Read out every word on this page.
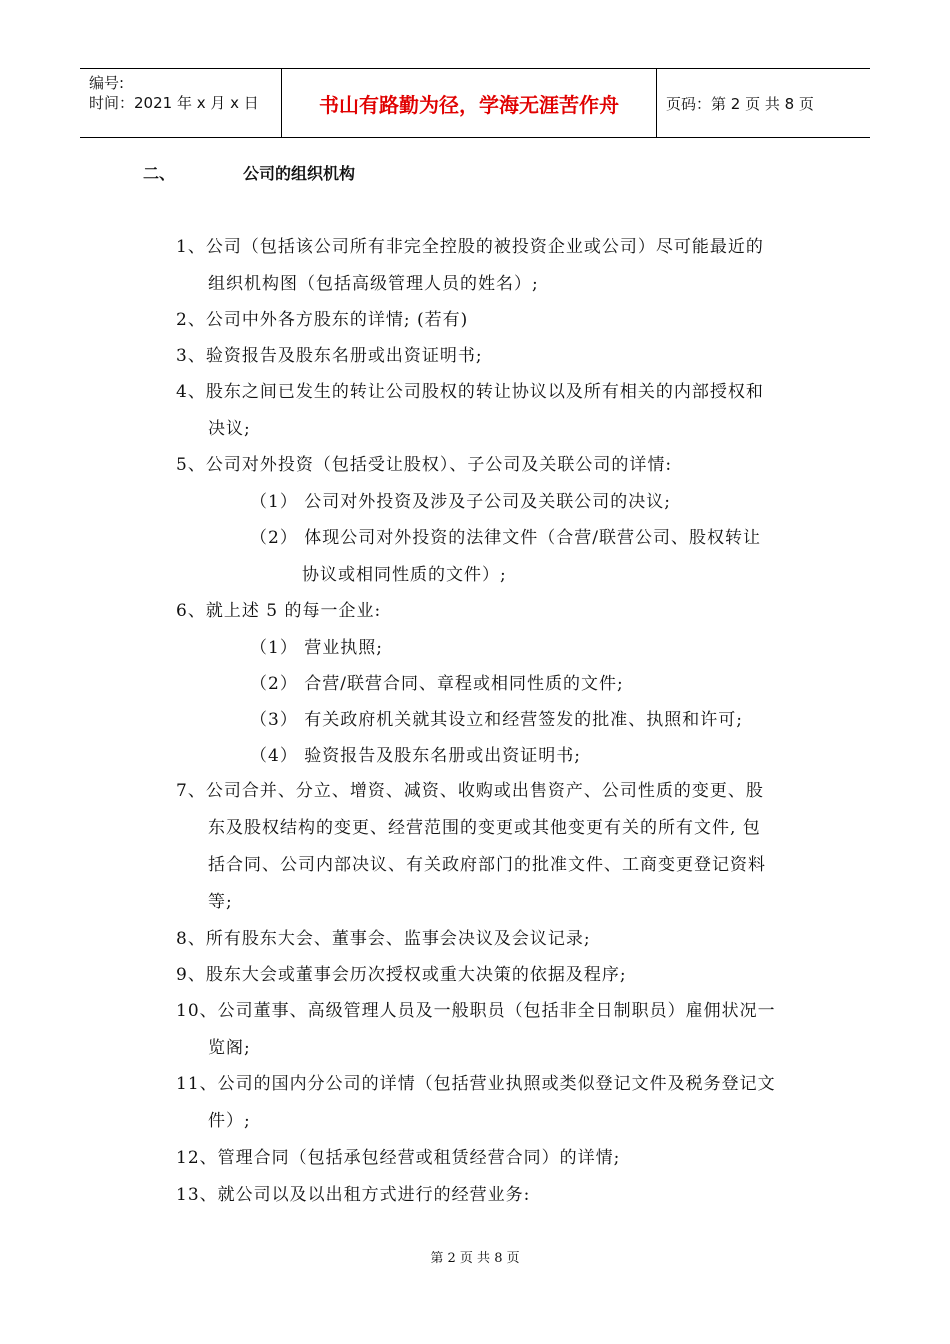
编号:
时间：2021 年 x 月 x 日	书山有路勤为径，学海无涯苦作舟	页码：第 2 页 共 8 页
二、	公司的组织机构
1、公司（包括该公司所有非完全控股的被投资企业或公司）尽可能最近的
组织机构图（包括高级管理人员的姓名）;
2、公司中外各方股东的详情; (若有)
3、验资报告及股东名册或出资证明书;
4、股东之间已发生的转让公司股权的转让协议以及所有相关的内部授权和
决议;
5、公司对外投资（包括受让股权）、子公司及关联公司的详情:
（1） 公司对外投资及涉及子公司及关联公司的决议;
（2） 体现公司对外投资的法律文件（合营/联营公司、股权转让
协议或相同性质的文件）;
6、就上述 5 的每一企业:
（1） 营业执照;
（2） 合营/联营合同、章程或相同性质的文件;
（3） 有关政府机关就其设立和经营签发的批准、执照和许可;
（4） 验资报告及股东名册或出资证明书;
7、公司合并、分立、增资、减资、收购或出售资产、公司性质的变更、股
东及股权结构的变更、经营范围的变更或其他变更有关的所有文件, 包
括合同、公司内部决议、有关政府部门的批准文件、工商变更登记资料
等;
8、所有股东大会、董事会、监事会决议及会议记录;
9、股东大会或董事会历次授权或重大决策的依据及程序;
10、公司董事、高级管理人员及一般职员（包括非全日制职员）雇佣状况一
览阁;
11、公司的国内分公司的详情（包括营业执照或类似登记文件及税务登记文
件）;
12、管理合同（包括承包经营或租赁经营合同）的详情;
13、就公司以及以出租方式进行的经营业务:
第 2 页 共 8 页
